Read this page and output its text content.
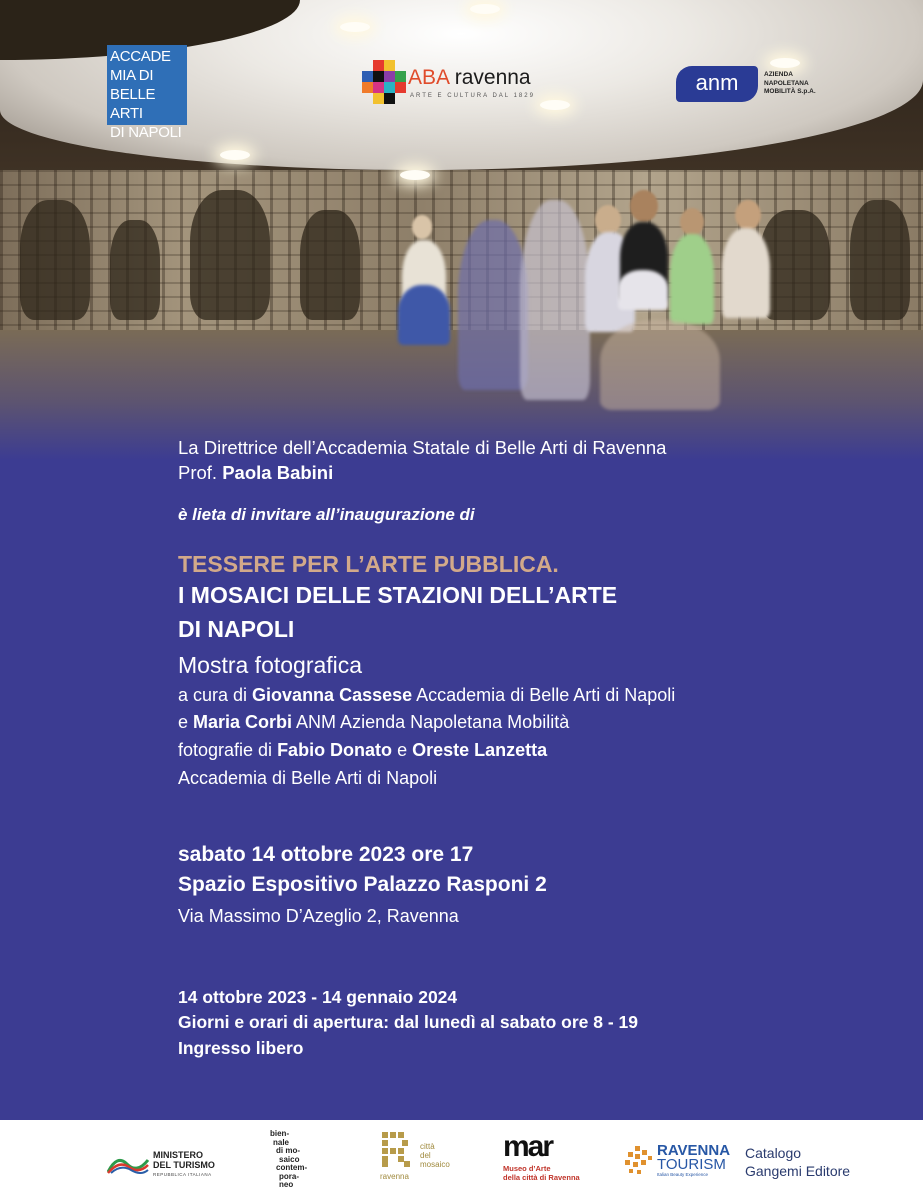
ACCADE
MIA DI
BELLE ARTI
DI NAPOLI
ABA ravenna
ARTE E CULTURA DAL 1829
anm	AZIENDA
NAPOLETANA
MOBILITÀ S.p.A.
La Direttrice dell’Accademia Statale di Belle Arti di Ravenna
Prof. Paola Babini
è lieta di invitare all’inaugurazione di
TESSERE PER L’ARTE PUBBLICA.
I MOSAICI DELLE STAZIONI DELL’ARTE
DI NAPOLI
Mostra fotografica
a cura di Giovanna Cassese Accademia di Belle Arti di Napoli
e Maria Corbi ANM Azienda Napoletana Mobilità
fotografie di Fabio Donato e Oreste Lanzetta
Accademia di Belle Arti di Napoli
sabato 14 ottobre 2023 ore 17
Spazio Espositivo Palazzo Rasponi 2
Via Massimo D’Azeglio 2, Ravenna
14 ottobre 2023 - 14 gennaio 2024
Giorni e orari di apertura: dal lunedì al sabato ore 8 - 19
Ingresso libero
MINISTERO
DEL TURISMO
REPUBBLICA ITALIANA
bien-
nale
di mo-
saico
contem-
pora-
neo
città
del
mosaico
ravenna
mar
Museo d’Arte
della città di Ravenna
RAVENNA
TOURISM
Italian Beauty Experience
Catalogo
Gangemi Editore
